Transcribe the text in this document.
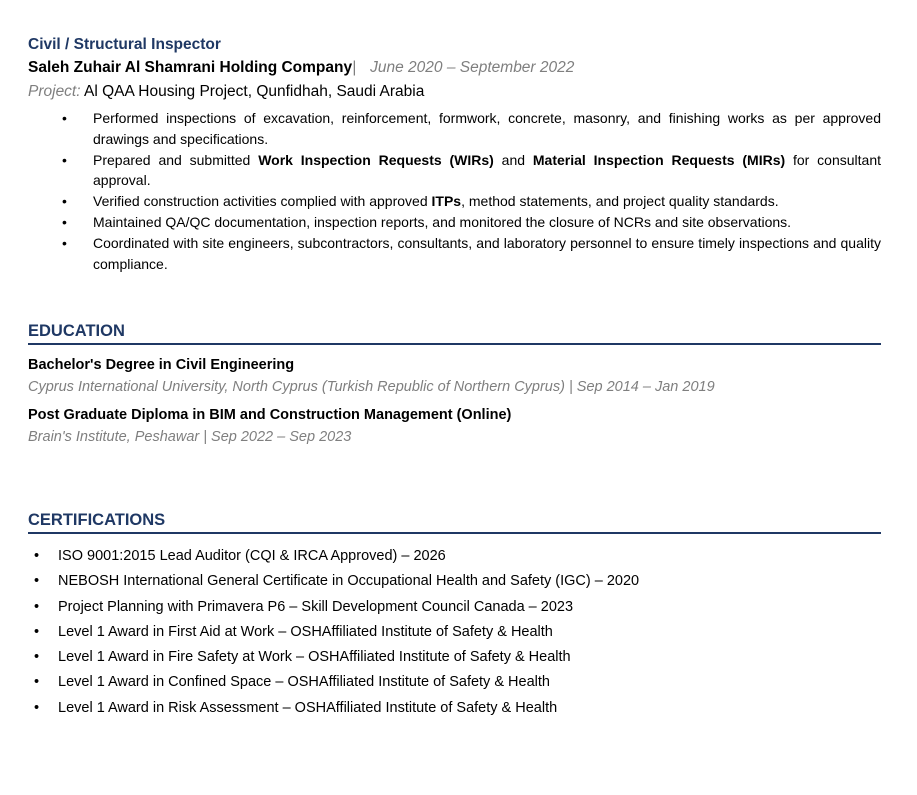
Civil / Structural Inspector
Saleh Zuhair Al Shamrani Holding Company| June 2020 – September 2022
Project: Al QAA Housing Project, Qunfidhah, Saudi Arabia
• Performed inspections of excavation, reinforcement, formwork, concrete, masonry, and finishing works as per approved drawings and specifications.
• Prepared and submitted Work Inspection Requests (WIRs) and Material Inspection Requests (MIRs) for consultant approval.
• Verified construction activities complied with approved ITPs, method statements, and project quality standards.
• Maintained QA/QC documentation, inspection reports, and monitored the closure of NCRs and site observations.
• Coordinated with site engineers, subcontractors, consultants, and laboratory personnel to ensure timely inspections and quality compliance.
EDUCATION
Bachelor's Degree in Civil Engineering
Cyprus International University, North Cyprus (Turkish Republic of Northern Cyprus) | Sep 2014 – Jan 2019
Post Graduate Diploma in BIM and Construction Management (Online)
Brain's Institute, Peshawar | Sep 2022 – Sep 2023
CERTIFICATIONS
• ISO 9001:2015 Lead Auditor (CQI & IRCA Approved) – 2026
• NEBOSH International General Certificate in Occupational Health and Safety (IGC) – 2020
• Project Planning with Primavera P6 – Skill Development Council Canada – 2023
• Level 1 Award in First Aid at Work – OSHAffiliated Institute of Safety & Health
• Level 1 Award in Fire Safety at Work – OSHAffiliated Institute of Safety & Health
• Level 1 Award in Confined Space – OSHAffiliated Institute of Safety & Health
• Level 1 Award in Risk Assessment – OSHAffiliated Institute of Safety & Health
